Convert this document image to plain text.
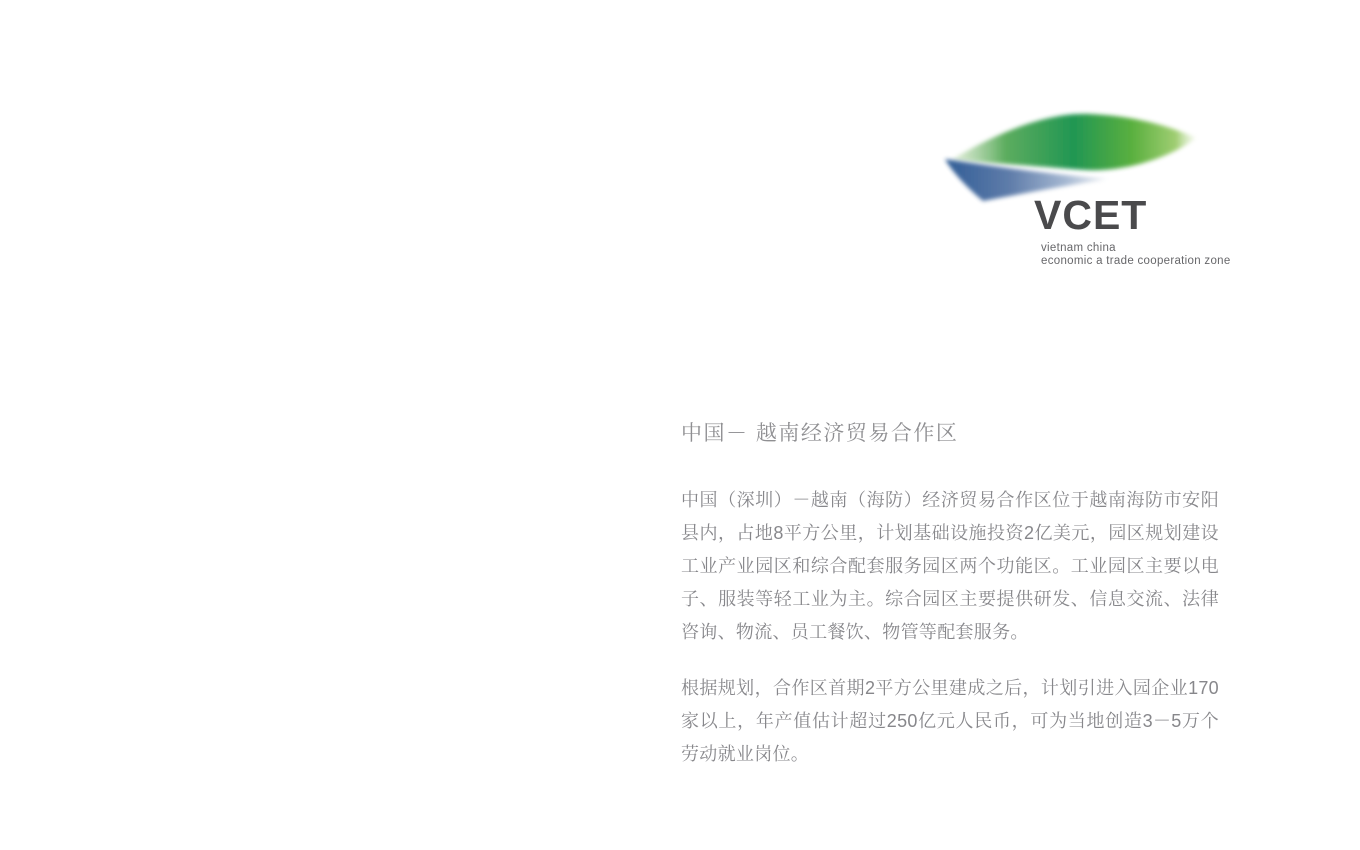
VCET
vietnam china
economic a trade cooperation zone
中国－ 越南经济贸易合作区

中国（深圳）－越南（海防）经济贸易合作区位于越南海防市安阳县内，占地8平方公里，计划基础设施投资2亿美元，园区规划建设工业产业园区和综合配套服务园区两个功能区。工业园区主要以电子、服装等轻工业为主。综合园区主要提供研发、信息交流、法律咨询、物流、员工餐饮、物管等配套服务。

根据规划，合作区首期2平方公里建成之后，计划引进入园企业170家以上，年产值估计超过250亿元人民币，可为当地创造3－5万个劳动就业岗位。
